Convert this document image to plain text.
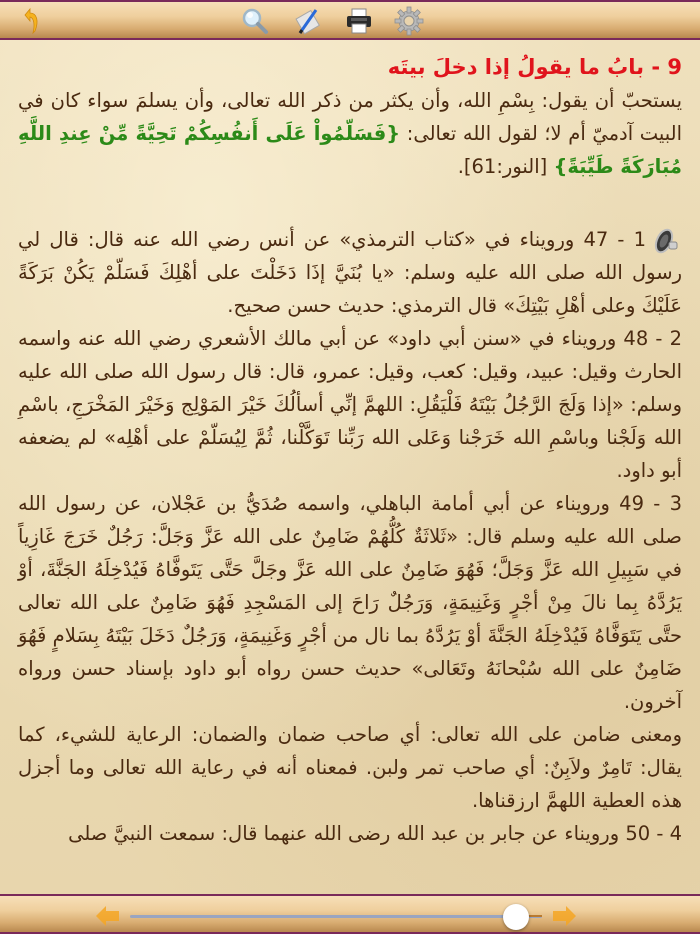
9 - بابُ ما يقولُ إذا دخلَ بيتَه

يستحبّ أن يقول: بِسْمِ الله، وأن يكثر من ذكر الله تعالى، وأن يسلمَ سواء كان في البيت آدميّ أم لا؛ لقول الله تعالى: {فَسَلّمُواْ عَلَى أَنفُسِكُمْ تَحِيَّةً مِّنْ عِندِ اللَّهِ مُبَارَكَةً طَيِّبَةً} [النور:61].

1 - 47 ورويناء في «كتاب الترمذي» عن أنس رضي الله عنه قال: قال لي رسول الله صلى الله عليه وسلم: «يا بُنَيَّ إذَا دَخَلْتَ على أهْلِكَ فَسَلّمْ يَكُنْ بَرَكَةً عَلَيْكَ وعلى أهْلِ بَيْتِكَ» قال الترمذي: حديث حسن صحيح.

2 - 48 ورويناء في «سنن أبي داود» عن أبي مالك الأشعري رضي الله عنه واسمه الحارث وقيل: عبيد، وقيل: كعب، وقيل: عمرو، قال: قال رسول الله صلى الله عليه وسلم: «إذا وَلَجَ الرَّجُلُ بَيْتَهُ فَلْيَقُلِ: اللهمَّ إنِّي أسألُكَ خَيْرَ المَوْلِج وَخَيْرَ المَخْرَجِ، باسْمِ الله وَلَجْنا وباسْمِ الله خَرَجْنا وَعَلى الله رَبِّنا تَوَكَّلْنا، ثُمَّ لِيُسَلّمْ على أهْلِه» لم يضعفه أبو داود.

3 - 49 ورويناء عن أبي أمامة الباهلي، واسمه صُدَيُّ بن عَجْلان، عن رسول الله صلى الله عليه وسلم قال: «ثَلاثَةٌ كُلُّهُمْ ضَامِنٌ على الله عَزَّ وَجَلَّ: رَجُلٌ خَرَجَ غَازِياً في سَبِيلِ الله عَزَّ وَجَلَّ؛ فَهُوَ ضَامِنٌ على الله عَزَّ وجَلَّ حَتَّى يَتَوفَّاهُ فَيُدْخِلَهُ الجَنَّةَ، أوْ يَرُدَّهُ بِما نالَ مِنْ أجْرٍ وَغَنِيمَةٍ، وَرَجُلٌ رَاحَ إلى المَسْجِدِ فَهُوَ ضَامِنٌ على الله تعالى حتَّى يَتَوَفَّاهُ فَيُدْخِلَهُ الجَنَّةَ أوْ يَرُدَّهُ بما نال من أجْرٍ وَغَنِيمَةٍ، وَرَجُلٌ دَخَلَ بَيْتَهُ بِسَلامٍ فَهُوَ ضَامِنٌ على الله سُبْحانَهُ وتَعَالى» حديث حسن رواه أبو داود بإسناد حسن ورواه آخرون.

ومعنى ضامن على الله تعالى: أي صاحب ضمان والضمان: الرعاية للشيء، كما يقال: تَامِرٌ ولاَبِنٌ: أي صاحب تمر ولبن. فمعناه أنه في رعاية الله تعالى وما أجزل هذه العطية اللهمَّ ارزقناها.

4 - 50 ورويناء عن جابر بن عبد الله رضى الله عنهما قال: سمعت النبيَّ صلى
